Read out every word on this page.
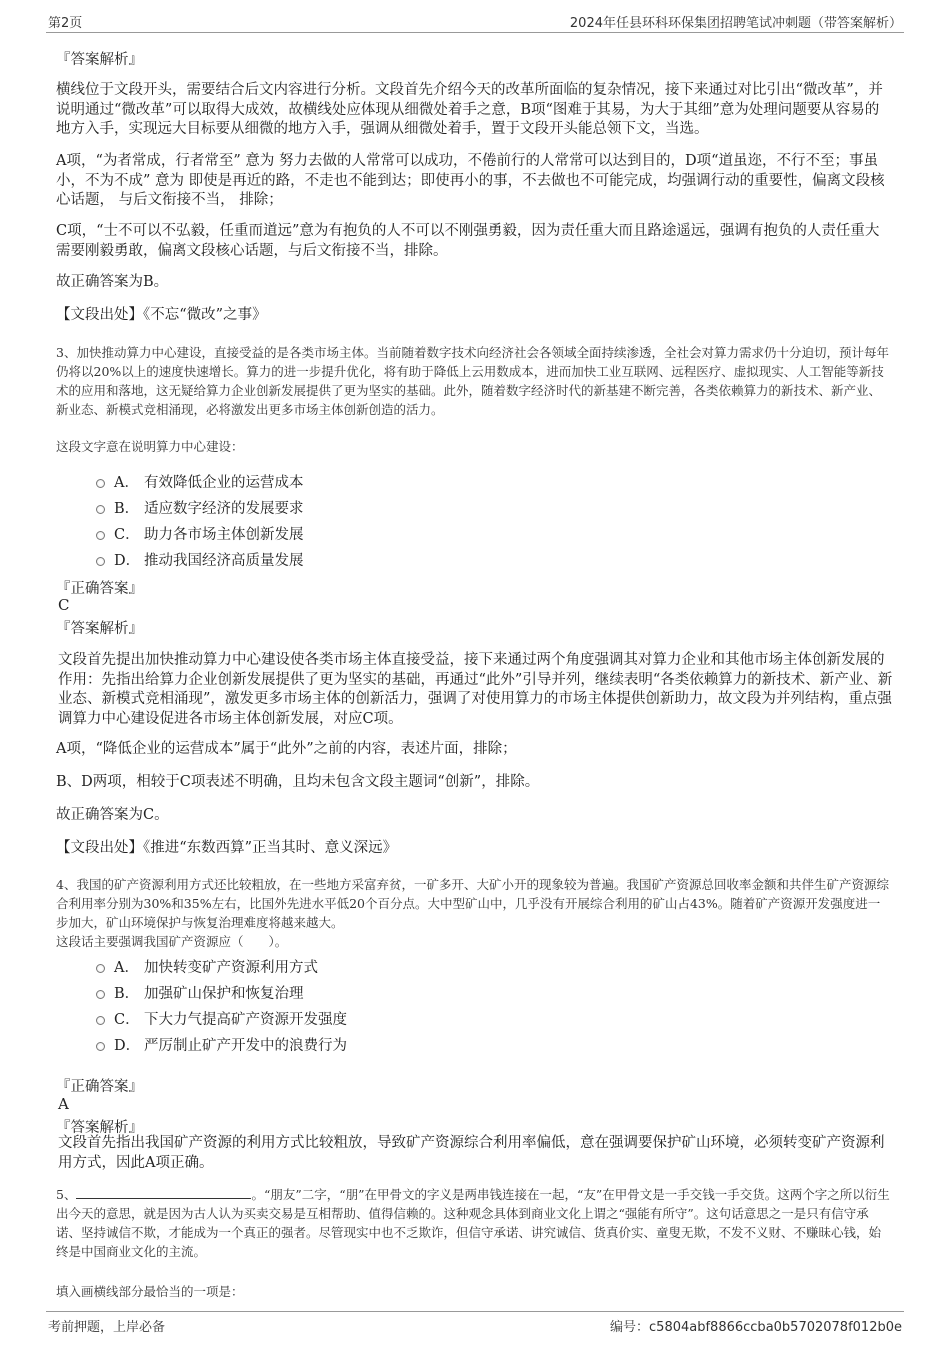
第2页	2024年任县环科环保集团招聘笔试冲刺题（带答案解析）
『答案解析』
横线位于文段开头，需要结合后文内容进行分析。文段首先介绍今天的改革所面临的复杂情况，接下来通过对比引出“微改革”，并说明通过“微改革”可以取得大成效，故横线处应体现从细微处着手之意，B项“图难于其易，为大于其细”意为处理问题要从容易的地方入手，实现远大目标要从细微的地方入手，强调从细微处着手，置于文段开头能总领下文，当选。
A项，“为者常成，行者常至” 意为 努力去做的人常常可以成功，不倦前行的人常常可以达到目的，D项“道虽迩，不行不至；事虽小，不为不成” 意为 即使是再近的路，不走也不能到达；即使再小的事，不去做也不可能完成，均强调行动的重要性，偏离文段核心话题， 与后文衔接不当， 排除；
C项，“士不可以不弘毅，任重而道远”意为有抱负的人不可以不刚强勇毅，因为责任重大而且路途遥远，强调有抱负的人责任重大需要刚毅勇敢，偏离文段核心话题，与后文衔接不当，排除。
故正确答案为B。
【文段出处】《不忘“微改”之事》
3、加快推动算力中心建设，直接受益的是各类市场主体。当前随着数字技术向经济社会各领域全面持续渗透，全社会对算力需求仍十分迫切，预计每年仍将以20%以上的速度快速增长。算力的进一步提升优化，将有助于降低上云用数成本，进而加快工业互联网、远程医疗、虚拟现实、人工智能等新技术的应用和落地，这无疑给算力企业创新发展提供了更为坚实的基础。此外，随着数字经济时代的新基建不断完善，各类依赖算力的新技术、新产业、新业态、新模式竞相涌现，必将激发出更多市场主体创新创造的活力。
这段文字意在说明算力中心建设：
A． 有效降低企业的运营成本
B． 适应数字经济的发展要求
C． 助力各市场主体创新发展
D． 推动我国经济高质量发展
『正确答案』
C
『答案解析』
文段首先提出加快推动算力中心建设使各类市场主体直接受益，接下来通过两个角度强调其对算力企业和其他市场主体创新发展的作用：先指出给算力企业创新发展提供了更为坚实的基础，再通过“此外”引导并列，继续表明“各类依赖算力的新技术、新产业、新业态、新模式竞相涌现”，激发更多市场主体的创新活力，强调了对使用算力的市场主体提供创新助力，故文段为并列结构，重点强调算力中心建设促进各市场主体创新发展，对应C项。
A项，“降低企业的运营成本”属于“此外”之前的内容，表述片面，排除；
B、D两项，相较于C项表述不明确，且均未包含文段主题词“创新”，排除。
故正确答案为C。
【文段出处】《推进“东数西算”正当其时、意义深远》
4、我国的矿产资源利用方式还比较粗放，在一些地方采富弃贫，一矿多开、大矿小开的现象较为普遍。我国矿产资源总回收率金额和共伴生矿产资源综合利用率分别为30%和35%左右，比国外先进水平低20个百分点。大中型矿山中，几乎没有开展综合利用的矿山占43%。随着矿产资源开发强度进一步加大，矿山环境保护与恢复治理难度将越来越大。
这段话主要强调我国矿产资源应（　　）。
A． 加快转变矿产资源利用方式
B． 加强矿山保护和恢复治理
C． 下大力气提高矿产资源开发强度
D． 严厉制止矿产开发中的浪费行为
『正确答案』
A
『答案解析』
文段首先指出我国矿产资源的利用方式比较粗放，导致矿产资源综合利用率偏低，意在强调要保护矿山环境，必须转变矿产资源利用方式，因此A项正确。
5、	。“朋友”二字，“朋”在甲骨文的字义是两串钱连接在一起，“友”在甲骨文是一手交钱一手交货。这两个字之所以衍生出今天的意思，就是因为古人认为买卖交易是互相帮助、值得信赖的。这种观念具体到商业文化上谓之“强能有所守”。这句话意思之一是只有信守承诺、坚持诚信不欺，才能成为一个真正的强者。尽管现实中也不乏欺诈，但信守承诺、讲究诚信、货真价实、童叟无欺，不发不义财、不赚昧心钱，始终是中国商业文化的主流。
填入画横线部分最恰当的一项是：
考前押题，上岸必备	编号：c5804abf8866ccba0b5702078f012b0e
